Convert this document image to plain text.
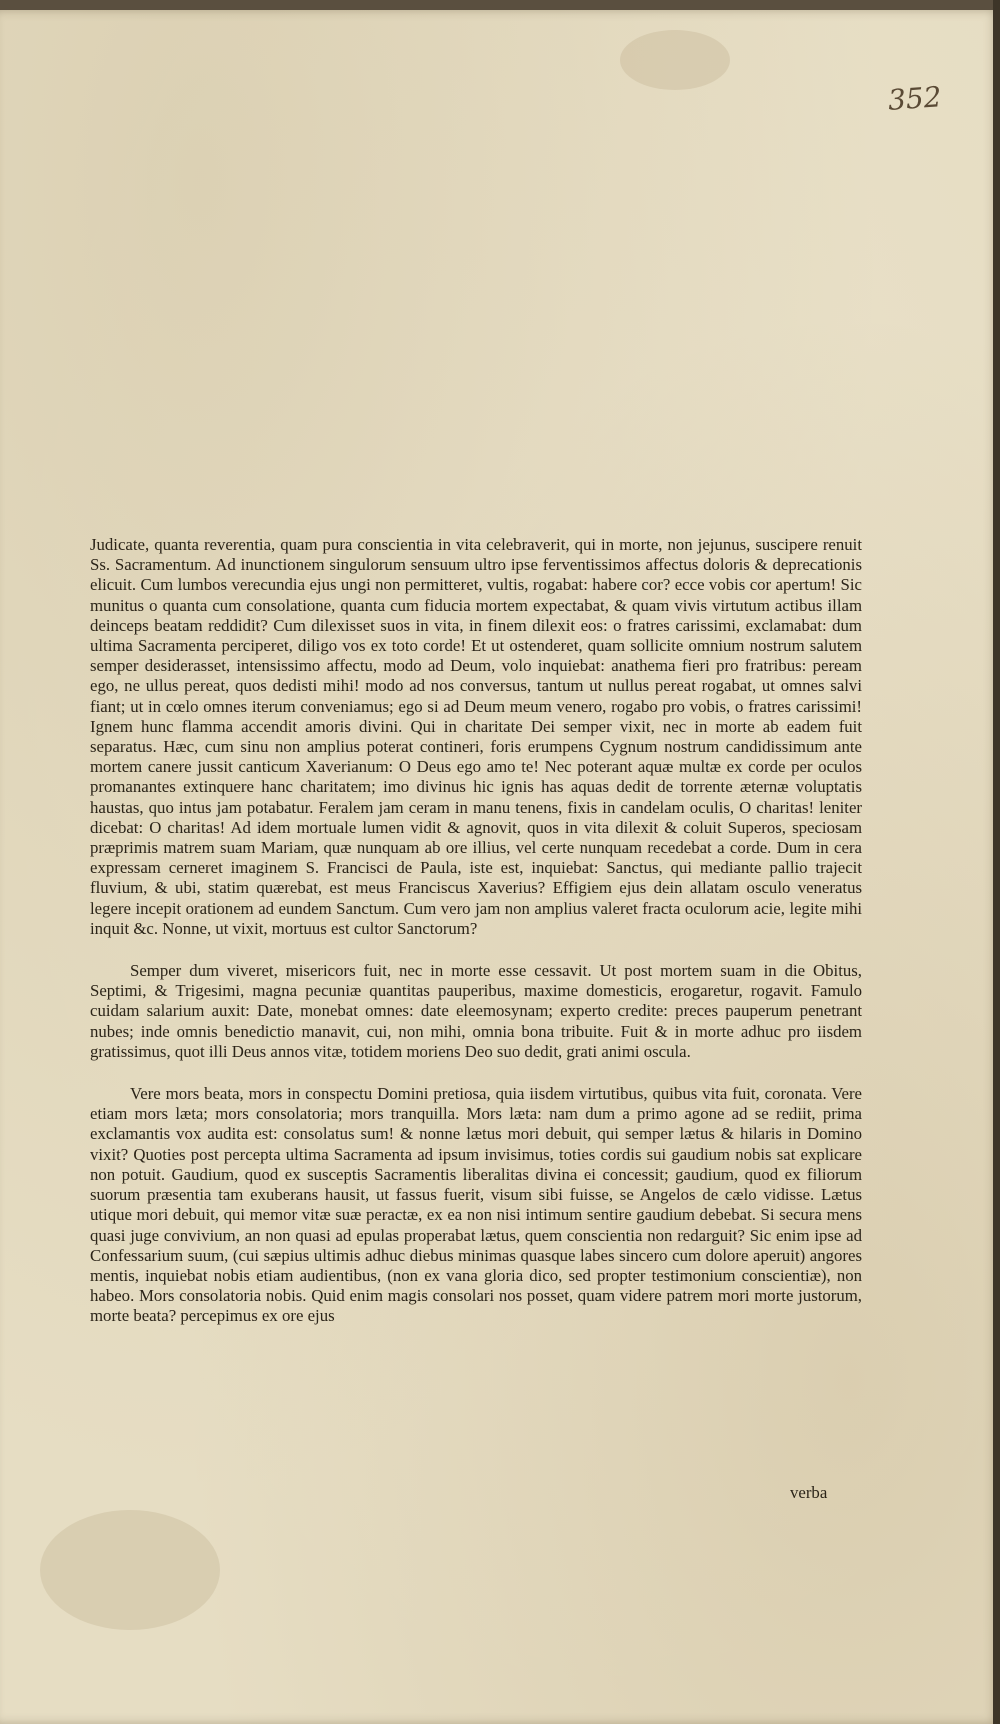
352

Judicate, quanta reverentia, quam pura conscientia in vita celebraverit, qui in morte, non jejunus, suscipere renuit Ss. Sacramentum. Ad inunctionem singulorum sensuum ultro ipse ferventissimos affectus doloris & deprecationis elicuit. Cum lumbos verecundia ejus ungi non permitteret, vultis, rogabat: habere cor? ecce vobis cor apertum! Sic munitus o quanta cum consolatione, quanta cum fiducia mortem expectabat, & quam vivis virtutum actibus illam deinceps beatam reddidit? Cum dilexisset suos in vita, in finem dilexit eos: o fratres carissimi, exclamabat: dum ultima Sacramenta perciperet, diligo vos ex toto corde! Et ut ostenderet, quam sollicite omnium nostrum salutem semper desiderasset, intensissimo affectu, modo ad Deum, volo inquiebat: anathema fieri pro fratribus: peream ego, ne ullus pereat, quos dedisti mihi! modo ad nos conversus, tantum ut nullus pereat rogabat, ut omnes salvi fiant; ut in cœlo omnes iterum conveniamus; ego si ad Deum meum venero, rogabo pro vobis, o fratres carissimi! Ignem hunc flamma accendit amoris divini. Qui in charitate Dei semper vixit, nec in morte ab eadem fuit separatus. Hæc, cum sinu non amplius poterat contineri, foris erumpens Cygnum nostrum candidissimum ante mortem canere jussit canticum Xaverianum: O Deus ego amo te! Nec poterant aquæ multæ ex corde per oculos promanantes extinquere hanc charitatem; imo divinus hic ignis has aquas dedit de torrente æternæ voluptatis haustas, quo intus jam potabatur. Feralem jam ceram in manu tenens, fixis in candelam oculis, O charitas! leniter dicebat: O charitas! Ad idem mortuale lumen vidit & agnovit, quos in vita dilexit & coluit Superos, speciosam præprimis matrem suam Mariam, quæ nunquam ab ore illius, vel certe nunquam recedebat a corde. Dum in cera expressam cerneret imaginem S. Francisci de Paula, iste est, inquiebat: Sanctus, qui mediante pallio trajecit fluvium, & ubi, statim quærebat, est meus Franciscus Xaverius? Effigiem ejus dein allatam osculo veneratus legere incepit orationem ad eundem Sanctum. Cum vero jam non amplius valeret fracta oculorum acie, legite mihi inquit &c. Nonne, ut vixit, mortuus est cultor Sanctorum?

Semper dum viveret, misericors fuit, nec in morte esse cessavit. Ut post mortem suam in die Obitus, Septimi, & Trigesimi, magna pecuniæ quantitas pauperibus, maxime domesticis, erogaretur, rogavit. Famulo cuidam salarium auxit: Date, monebat omnes: date eleemosynam; experto credite: preces pauperum penetrant nubes; inde omnis benedictio manavit, cui, non mihi, omnia bona tribuite. Fuit & in morte adhuc pro iisdem gratissimus, quot illi Deus annos vitæ, totidem moriens Deo suo dedit, grati animi oscula.

Vere mors beata, mors in conspectu Domini pretiosa, quia iisdem virtutibus, quibus vita fuit, coronata. Vere etiam mors læta; mors consolatoria; mors tranquilla. Mors læta: nam dum a primo agone ad se rediit, prima exclamantis vox audita est: consolatus sum! & nonne lætus mori debuit, qui semper lætus & hilaris in Domino vixit? Quoties post percepta ultima Sacramenta ad ipsum invisimus, toties cordis sui gaudium nobis sat explicare non potuit. Gaudium, quod ex susceptis Sacramentis liberalitas divina ei concessit; gaudium, quod ex filiorum suorum præsentia tam exuberans hausit, ut fassus fuerit, visum sibi fuisse, se Angelos de cælo vidisse. Lætus utique mori debuit, qui memor vitæ suæ peractæ, ex ea non nisi intimum sentire gaudium debebat. Si secura mens quasi juge convivium, an non quasi ad epulas properabat lætus, quem conscientia non redarguit? Sic enim ipse ad Confessarium suum, (cui sæpius ultimis adhuc diebus minimas quasque labes sincero cum dolore aperuit) angores mentis, inquiebat nobis etiam audientibus, (non ex vana gloria dico, sed propter testimonium conscientiæ), non habeo. Mors consolatoria nobis. Quid enim magis consolari nos posset, quam videre patrem mori morte justorum, morte beata? percepimus ex ore ejus

verba
